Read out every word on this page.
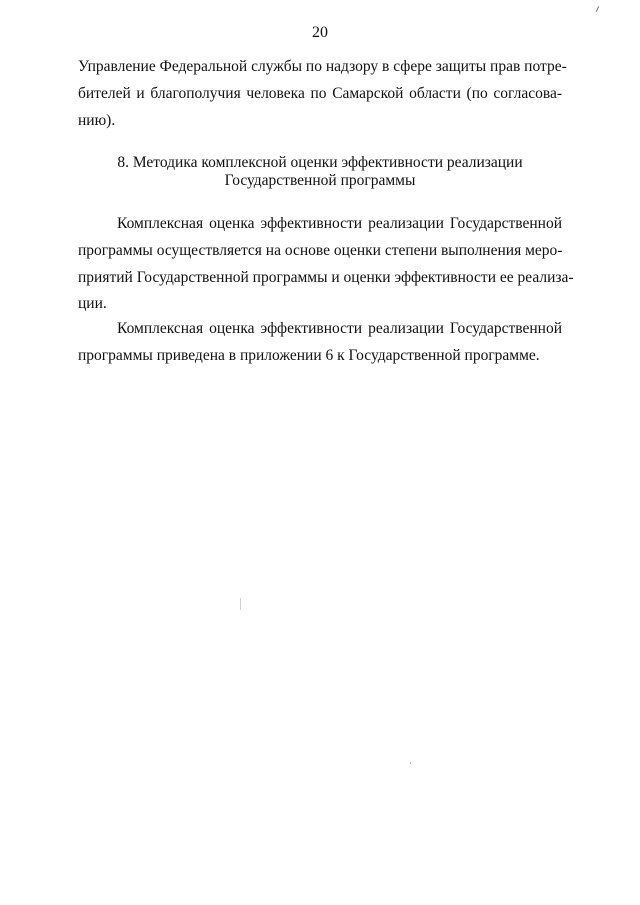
20
Управление Федеральной службы по надзору в сфере защиты прав потре-
бителей и благополучия человека по Самарской области (по согласова-
нию).
8. Методика комплексной оценки эффективности реализации
Государственной программы
Комплексная оценка эффективности реализации Государственной
программы осуществляется на основе оценки степени выполнения меро-
приятий Государственной программы и оценки эффективности ее реализа-
ции.
Комплексная оценка эффективности реализации Государственной
программы приведена в приложении 6 к Государственной программе.
